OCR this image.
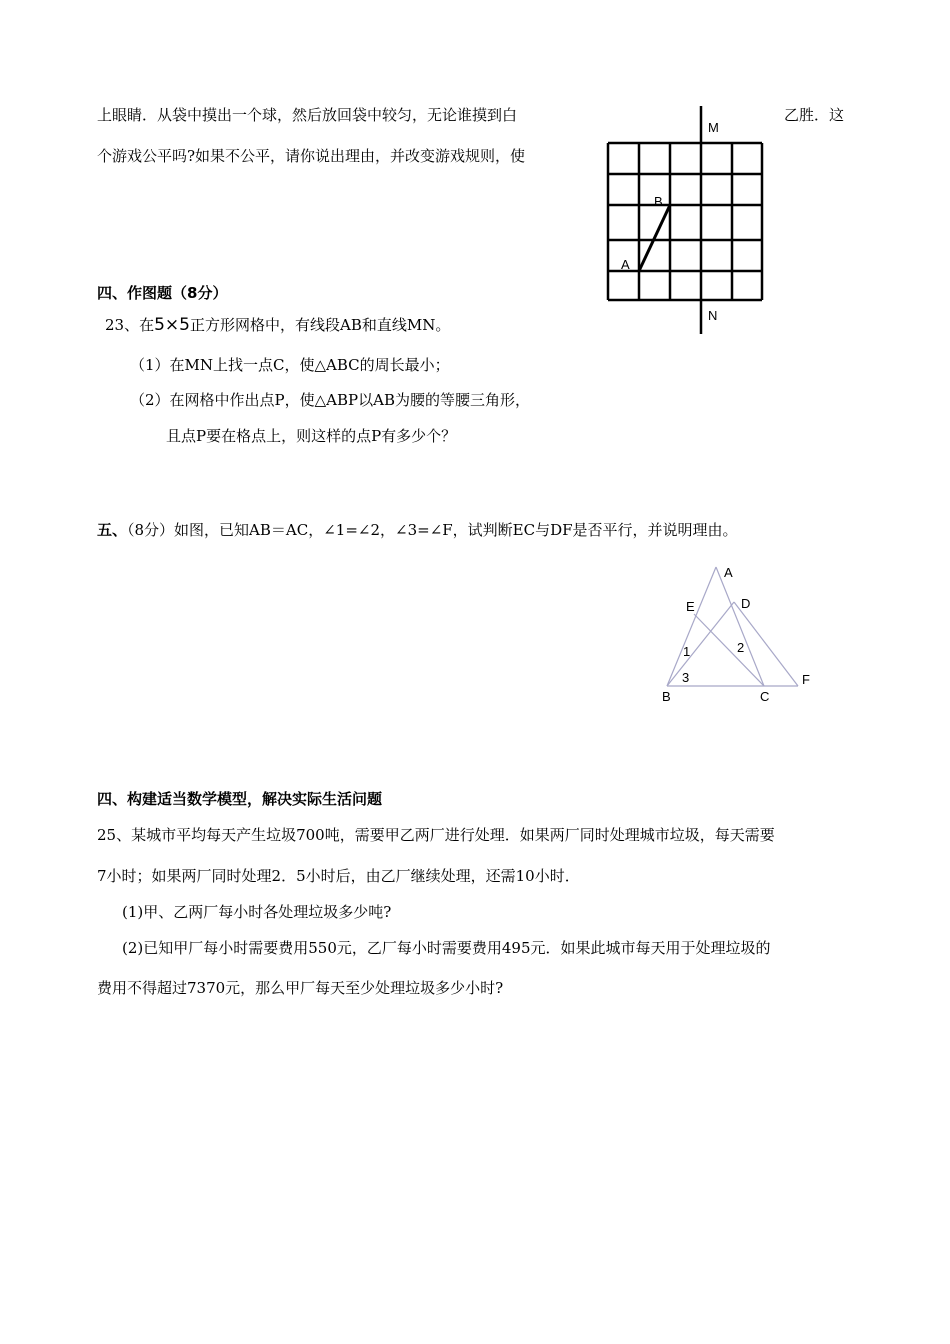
上眼睛．从袋中摸出一个球，然后放回袋中较匀，无论谁摸到白	乙胜．这
个游戏公平吗?如果不公平，请你说出理由，并改变游戏规则，使
M
N
B
A
四、作图题（8分）
23、在5×5正方形网格中，有线段AB和直线MN。
（1）在MN上找一点C，使△ABC的周长最小；
（2）在网格中作出点P，使△ABP以AB为腰的等腰三角形，
且点P要在格点上，则这样的点P有多少个？
五、（8分）如图，已知AB＝AC，∠1=∠2，∠3=∠F，试判断EC与DF是否平行，并说明理由。
A
E	D
1	2
3
B	C
F
四、构建适当数学模型，解决实际生活问题
25、某城市平均每天产生垃圾700吨，需要甲乙两厂进行处理．如果两厂同时处理城市垃圾，每天需要
7小时；如果两厂同时处理2．5小时后，由乙厂继续处理，还需10小时．
(1)甲、乙两厂每小时各处理垃圾多少吨?
(2)已知甲厂每小时需要费用550元，乙厂每小时需要费用495元．如果此城市每天用于处理垃圾的
费用不得超过7370元，那么甲厂每天至少处理垃圾多少小时?
